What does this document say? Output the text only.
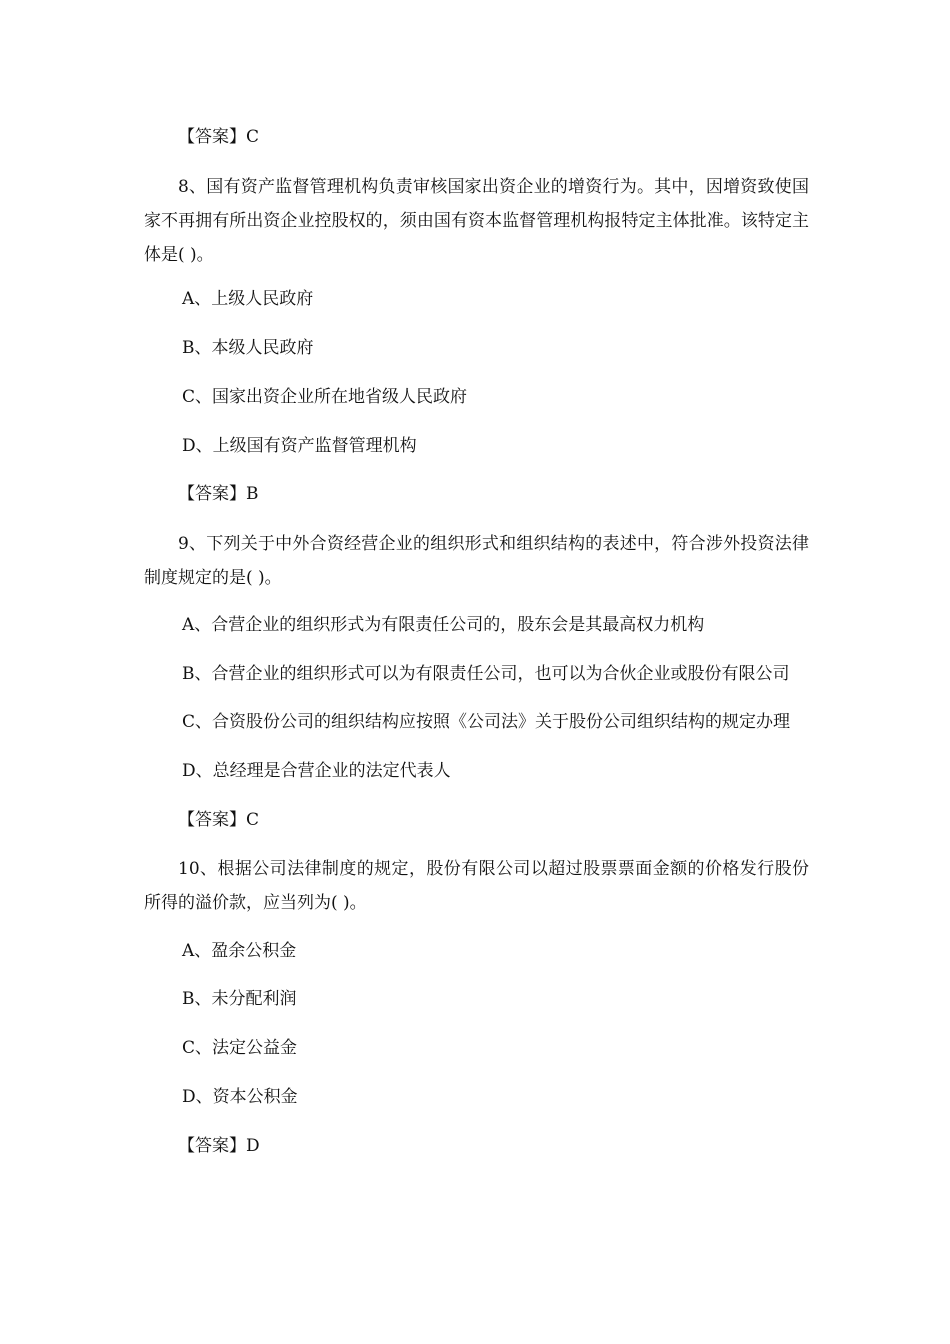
【答案】C
8、国有资产监督管理机构负责审核国家出资企业的增资行为。其中，因增资致使国家不再拥有所出资企业控股权的，须由国有资本监督管理机构报特定主体批准。该特定主体是( )。
A、上级人民政府
B、本级人民政府
C、国家出资企业所在地省级人民政府
D、上级国有资产监督管理机构
【答案】B
9、下列关于中外合资经营企业的组织形式和组织结构的表述中，符合涉外投资法律制度规定的是( )。
A、合营企业的组织形式为有限责任公司的，股东会是其最高权力机构
B、合营企业的组织形式可以为有限责任公司，也可以为合伙企业或股份有限公司
C、合资股份公司的组织结构应按照《公司法》关于股份公司组织结构的规定办理
D、总经理是合营企业的法定代表人
【答案】C
10、根据公司法律制度的规定，股份有限公司以超过股票票面金额的价格发行股份所得的溢价款，应当列为( )。
A、盈余公积金
B、未分配利润
C、法定公益金
D、资本公积金
【答案】D
